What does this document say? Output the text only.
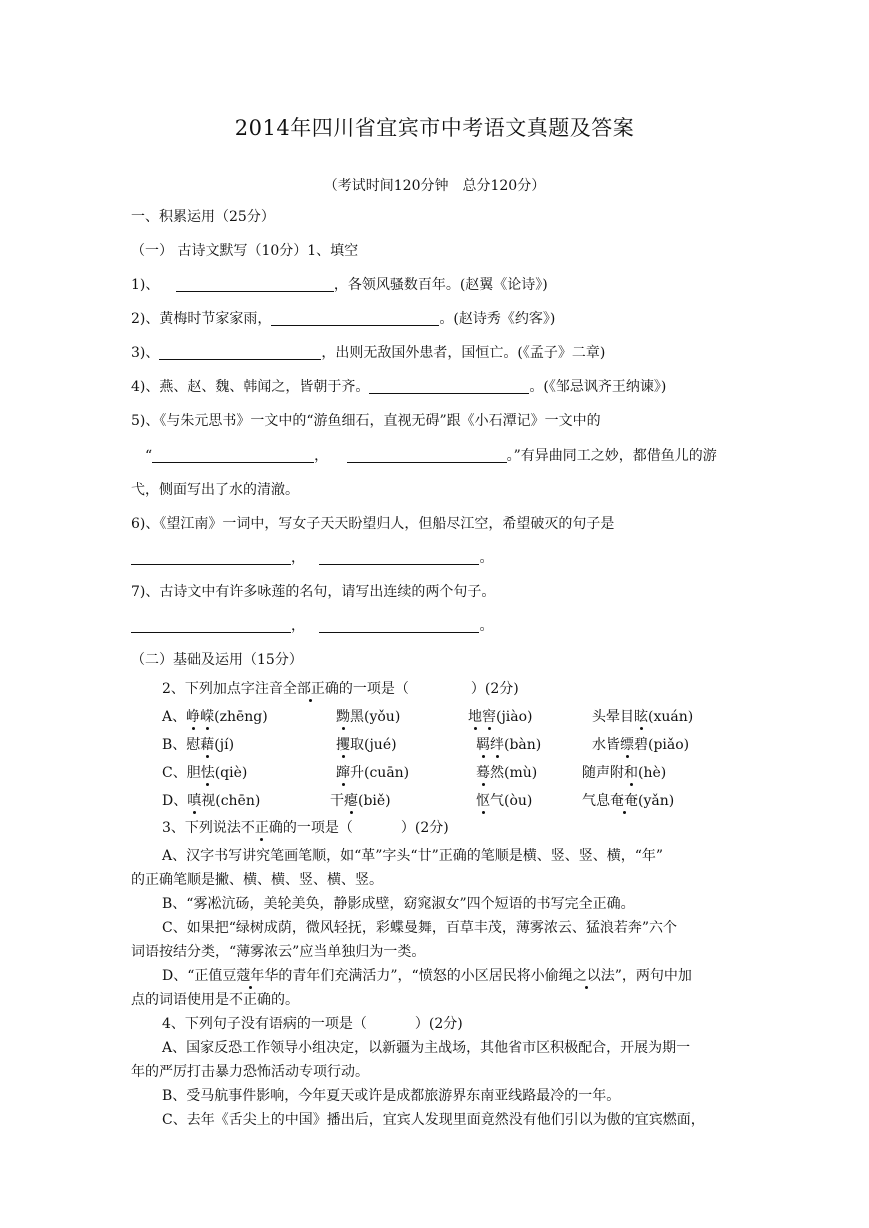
2014年四川省宜宾市中考语文真题及答案
（考试时间120分钟　总分120分）
一、积累运用（25分）
（一） 古诗文默写（10分）1、填空
1)、	，各领风骚数百年。(赵翼《论诗》)
2)、黄梅时节家家雨，	。(赵诗秀《约客》)
3)、	，出则无敌国外患者，国恒亡。(《孟子》二章)
4)、燕、赵、魏、韩闻之，皆朝于齐。	。(《邹忌讽齐王纳谏》)
5)、《与朱元思书》一文中的“游鱼细石，直视无碍”跟《小石潭记》一文中的
“	，	。”有异曲同工之妙，都借鱼儿的游
弋，侧面写出了水的清澈。
6)、《望江南》一词中，写女子天天盼望归人，但船尽江空，希望破灭的句子是
，	。
7)、古诗文中有许多咏莲的名句，请写出连续的两个句子。
，	。
（二）基础及运用（15分）
2、下列加点字注音全部正确的一项是（	）(2分)
A、峥嵘(zhēng)	黝黑(yǒu)	地窖(jiào)	头晕目眩(xuán)
B、慰藉(jí)	攫取(jué)	羁绊(bàn)	水皆缥碧(piǎo)
C、胆怯(qiè)	蹿升(cuān)	蓦然(mù)	随声附和(hè)
D、嗔视(chēn)	干瘪(biě)	怄气(òu)	气息奄奄(yǎn)
3、下列说法不正确的一项是（	）(2分)
A、汉字书写讲究笔画笔顺，如“革”字头“廿”正确的笔顺是横、竖、竖、横，“年”
的正确笔顺是撇、横、横、竖、横、竖。
B、“雾凇沆砀，美轮美奂，静影成壁，窈窕淑女”四个短语的书写完全正确。
C、如果把“绿树成荫，微风轻抚，彩蝶曼舞，百草丰茂，薄雾浓云、猛浪若奔”六个
词语按结分类，“薄雾浓云”应当单独归为一类。
D、“正值豆蔻年华的青年们充满活力”，“愤怒的小区居民将小偷绳之以法”，两句中加
点的词语使用是不正确的。
4、下列句子没有语病的一项是（	）(2分)
A、国家反恐工作领导小组决定，以新疆为主战场，其他省市区积极配合，开展为期一
年的严厉打击暴力恐怖活动专项行动。
B、受马航事件影响，今年夏天或许是成都旅游界东南亚线路最冷的一年。
C、去年《舌尖上的中国》播出后，宜宾人发现里面竟然没有他们引以为傲的宜宾燃面，
